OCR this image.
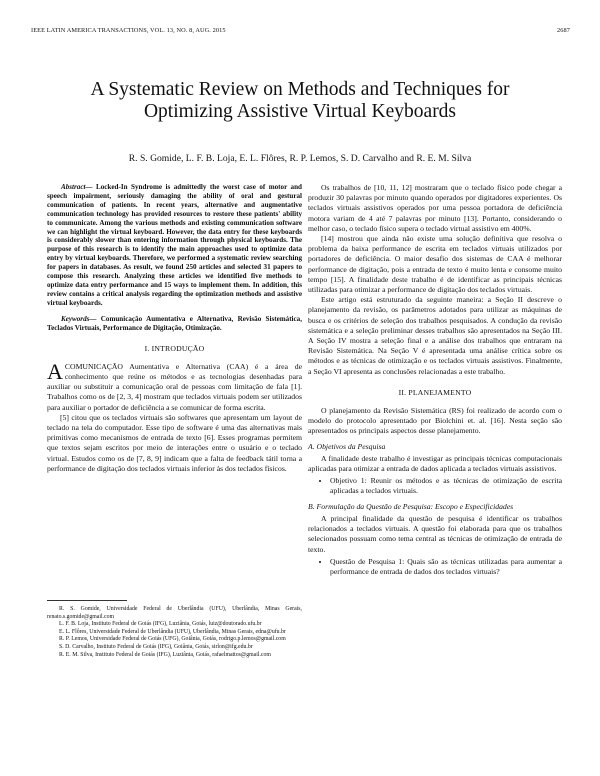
IEEE LATIN AMERICA TRANSACTIONS, VOL. 13, NO. 8, AUG. 2015	2687
A Systematic Review on Methods and Techniques for Optimizing Assistive Virtual Keyboards
R. S. Gomide, L. F. B. Loja, E. L. Flôres, R. P. Lemos, S. D. Carvalho and R. E. M. Silva

Abstract— Locked-In Syndrome is admittedly the worst case of motor and speech impairment, seriously damaging the ability of oral and gestural communication of patients. In recent years, alternative and augmentative communication technology has provided resources to restore these patients' ability to communicate. Among the various methods and existing communication software we can highlight the virtual keyboard. However, the data entry for these keyboards is considerably slower than entering information through physical keyboards. The purpose of this research is to identify the main approaches used to optimize data entry by virtual keyboards. Therefore, we performed a systematic review searching for papers in databases. As result, we found 250 articles and selected 31 papers to compose this research. Analyzing these articles we identified five methods to optimize data entry performance and 15 ways to implement them. In addition, this review contains a critical analysis regarding the optimization methods and assistive virtual keyboards.

Keywords— Comunicação Aumentativa e Alternativa, Revisão Sistemática, Teclados Virtuais, Performance de Digitação, Otimização.

I. INTRODUÇÃO

ACOMUNICAÇÃO Aumentativa e Alternativa (CAA) é a área de conhecimento que reúne os métodos e as tecnologias desenhadas para auxiliar ou substituir a comunicação oral de pessoas com limitação de fala [1]. Trabalhos como os de [2, 3, 4] mostram que teclados virtuais podem ser utilizados para auxiliar o portador de deficiência a se comunicar de forma escrita.

[5] citou que os teclados virtuais são softwares que apresentam um layout de teclado na tela do computador. Esse tipo de software é uma das alternativas mais primitivas como mecanismos de entrada de texto [6]. Esses programas permitem que textos sejam escritos por meio de interações entre o usuário e o teclado virtual. Estudos como os de [7, 8, 9] indicam que a falta de feedback tátil torna a performance de digitação dos teclados virtuais inferior às dos teclados físicos.

R. S. Gomide, Universidade Federal de Uberlândia (UFU), Uberlândia, Minas Gerais, renato.s.gomide@gmail.com

L. F. B. Loja, Instituto Federal de Goiás (IFG), Luziânia, Goiás, luiz@doutorado.ufu.br

E. L. Flôres, Universidade Federal de Uberlândia (UFU), Uberlândia, Minas Gerais, edna@ufu.br

R. P. Lemos, Universidade Federal de Goiás (UFG), Goiânia, Goiás, rodrigo.p.lemos@gmail.com

S. D. Carvalho, Instituto Federal de Goiás (IFG), Goiânia, Goiás, sirlon@ifg.edu.br

R. E. M. Silva, Instituto Federal de Goiás (IFG), Luziânia, Goiás, rafaelmattos@gmail.com

Os trabalhos de [10, 11, 12] mostraram que o teclado físico pode chegar a produzir 30 palavras por minuto quando operados por digitadores experientes. Os teclados virtuais assistivos operados por uma pessoa portadora de deficiência motora variam de 4 até 7 palavras por minuto [13]. Portanto, considerando o melhor caso, o teclado físico supera o teclado virtual assistivo em 400%.

[14] mostrou que ainda não existe uma solução definitiva que resolva o problema da baixa performance de escrita em teclados virtuais utilizados por portadores de deficiência. O maior desafio dos sistemas de CAA é melhorar performance de digitação, pois a entrada de texto é muito lenta e consome muito tempo [15]. A finalidade deste trabalho é de identificar as principais técnicas utilizadas para otimizar a performance de digitação dos teclados virtuais.

Este artigo está estruturado da seguinte maneira: a Seção II descreve o planejamento da revisão, os parâmetros adotados para utilizar as máquinas de busca e os critérios de seleção dos trabalhos pesquisados. A condução da revisão sistemática e a seleção preliminar desses trabalhos são apresentados na Seção III. A Seção IV mostra a seleção final e a análise dos trabalhos que entraram na Revisão Sistemática. Na Seção V é apresentada uma análise crítica sobre os métodos e as técnicas de otimização e os teclados virtuais assistivos. Finalmente, a Seção VI apresenta as conclusões relacionadas a este trabalho.

II. PLANEJAMENTO

O planejamento da Revisão Sistemática (RS) foi realizado de acordo com o modelo do protocolo apresentado por Biolchini et. al. [16]. Nesta seção são apresentados os principais aspectos desse planejamento.

A. Objetivos da Pesquisa

A finalidade deste trabalho é investigar as principais técnicas computacionais aplicadas para otimizar a entrada de dados aplicada a teclados virtuais assistivos.

• Objetivo 1: Reunir os métodos e as técnicas de otimização de escrita aplicadas a teclados virtuais.
B. Formulação da Questão de Pesquisa: Escopo e Especificidades

A principal finalidade da questão de pesquisa é identificar os trabalhos relacionados a teclados virtuais. A questão foi elaborada para que os trabalhos selecionados possuam como tema central as técnicas de otimização de entrada de texto.

• Questão de Pesquisa 1: Quais são as técnicas utilizadas para aumentar a performance de entrada de dados dos teclados virtuais?
